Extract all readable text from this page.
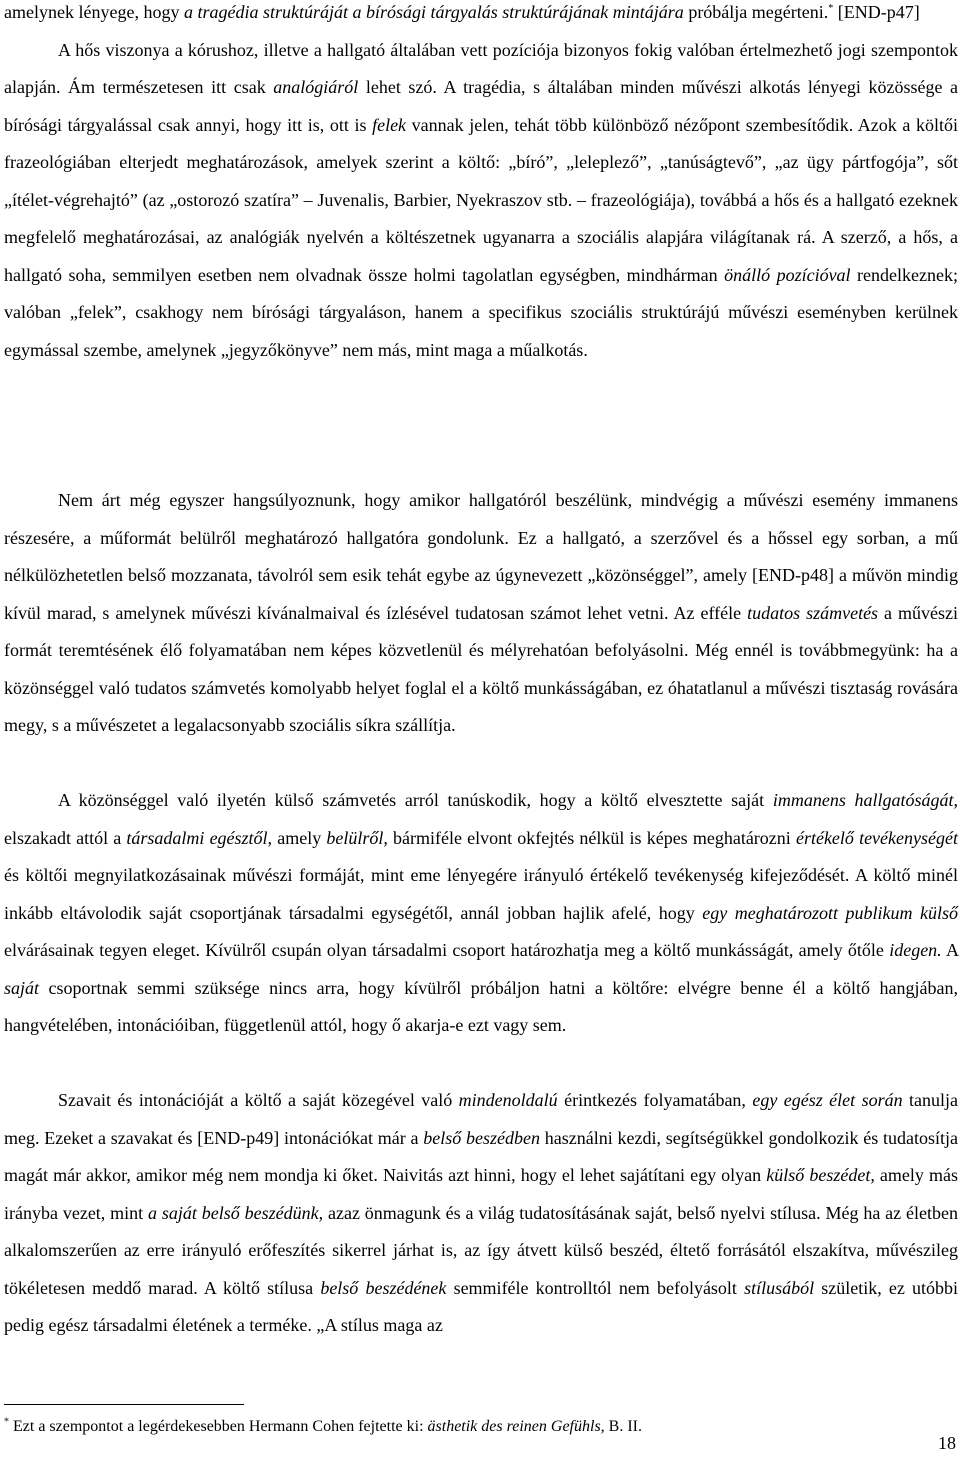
amelynek lényege, hogy a tragédia struktúráját a bírósági tárgyalás struktúrájának mintájára próbálja megérteni.* [END-p47]
A hős viszonya a kórushoz, illetve a hallgató általában vett pozíciója bizonyos fokig valóban értelmezhető jogi szempontok alapján. Ám természetesen itt csak analógiáról lehet szó. A tragédia, s általában minden művészi alkotás lényegi közössége a bírósági tárgyalással csak annyi, hogy itt is, ott is felek vannak jelen, tehát több különböző nézőpont szembesítődik. Azok a költői frazeológiában elterjedt meghatározások, amelyek szerint a költő: „bíró”, „leleplező”, „tanúságtevő”, „az ügy pártfogója”, sőt „ítélet-végrehajtó” (az „ostorozó szatíra” – Juvenalis, Barbier, Nyekraszov stb. – frazeológiája), továbbá a hős és a hallgató ezeknek megfelelő meghatározásai, az analógiák nyelvén a költészetnek ugyanarra a szociális alapjára világítanak rá. A szerző, a hős, a hallgató soha, semmilyen esetben nem olvadnak össze holmi tagolatlan egységben, mindhárman önálló pozícióval rendelkeznek; valóban „felek”, csakhogy nem bírósági tárgyaláson, hanem a specifikus szociális struktúrájú művészi eseményben kerülnek egymással szembe, amelynek „jegyzőkönyve” nem más, mint maga a műalkotás.
Nem árt még egyszer hangsúlyoznunk, hogy amikor hallgatóról beszélünk, mindvégig a művészi esemény immanens részesére, a műformát belülről meghatározó hallgatóra gondolunk. Ez a hallgató, a szerzővel és a hőssel egy sorban, a mű nélkülözhetetlen belső mozzanata, távolról sem esik tehát egybe az úgynevezett „közönséggel”, amely [END-p48] a művön mindig kívül marad, s amelynek művészi kívánalmaival és ízlésével tudatosan számot lehet vetni. Az efféle tudatos számvetés a művészi formát teremtésének élő folyamatában nem képes közvetlenül és mélyrehatóan befolyásolni. Még ennél is továbbmegyünk: ha a közönséggel való tudatos számvetés komolyabb helyet foglal el a költő munkásságában, ez óhatatlanul a művészi tisztaság rovására megy, s a művészetet a legalacsonyabb szociális síkra szállítja.
A közönséggel való ilyetén külső számvetés arról tanúskodik, hogy a költő elvesztette saját immanens hallgatóságát, elszakadt attól a társadalmi egésztől, amely belülről, bármiféle elvont okfejtés nélkül is képes meghatározni értékelő tevékenységét és költői megnyilatkozásainak művészi formáját, mint eme lényegére irányuló értékelő tevékenység kifejeződését. A költő minél inkább eltávolodik saját csoportjának társadalmi egységétől, annál jobban hajlik afelé, hogy egy meghatározott publikum külső elvárásainak tegyen eleget. Kívülről csupán olyan társadalmi csoport határozhatja meg a költő munkásságát, amely őtőle idegen. A saját csoportnak semmi szüksége nincs arra, hogy kívülről próbáljon hatni a költőre: elvégre benne él a költő hangjában, hangvételében, intonációiban, függetlenül attól, hogy ő akarja-e ezt vagy sem.
Szavait és intonációját a költő a saját közegével való mindenoldalú érintkezés folyamatában, egy egész élet során tanulja meg. Ezeket a szavakat és [END-p49] intonációkat már a belső beszédben használni kezdi, segítségükkel gondolkozik és tudatosítja magát már akkor, amikor még nem mondja ki őket. Naivitás azt hinni, hogy el lehet sajátítani egy olyan külső beszédet, amely más irányba vezet, mint a saját belső beszédünk, azaz önmagunk és a világ tudatosításának saját, belső nyelvi stílusa. Még ha az életben alkalomszerűen az erre irányuló erőfeszítés sikerrel járhat is, az így átvett külső beszéd, éltető forrásától elszakítva, művészileg tökéletesen meddő marad. A költő stílusa belső beszédének semmiféle kontrolltól nem befolyásolt stílusából születik, ez utóbbi pedig egész társadalmi életének a terméke. „A stílus maga az
* Ezt a szempontot a legérdekesebben Hermann Cohen fejtette ki: ästhetik des reinen Gefühls, B. II.
18
